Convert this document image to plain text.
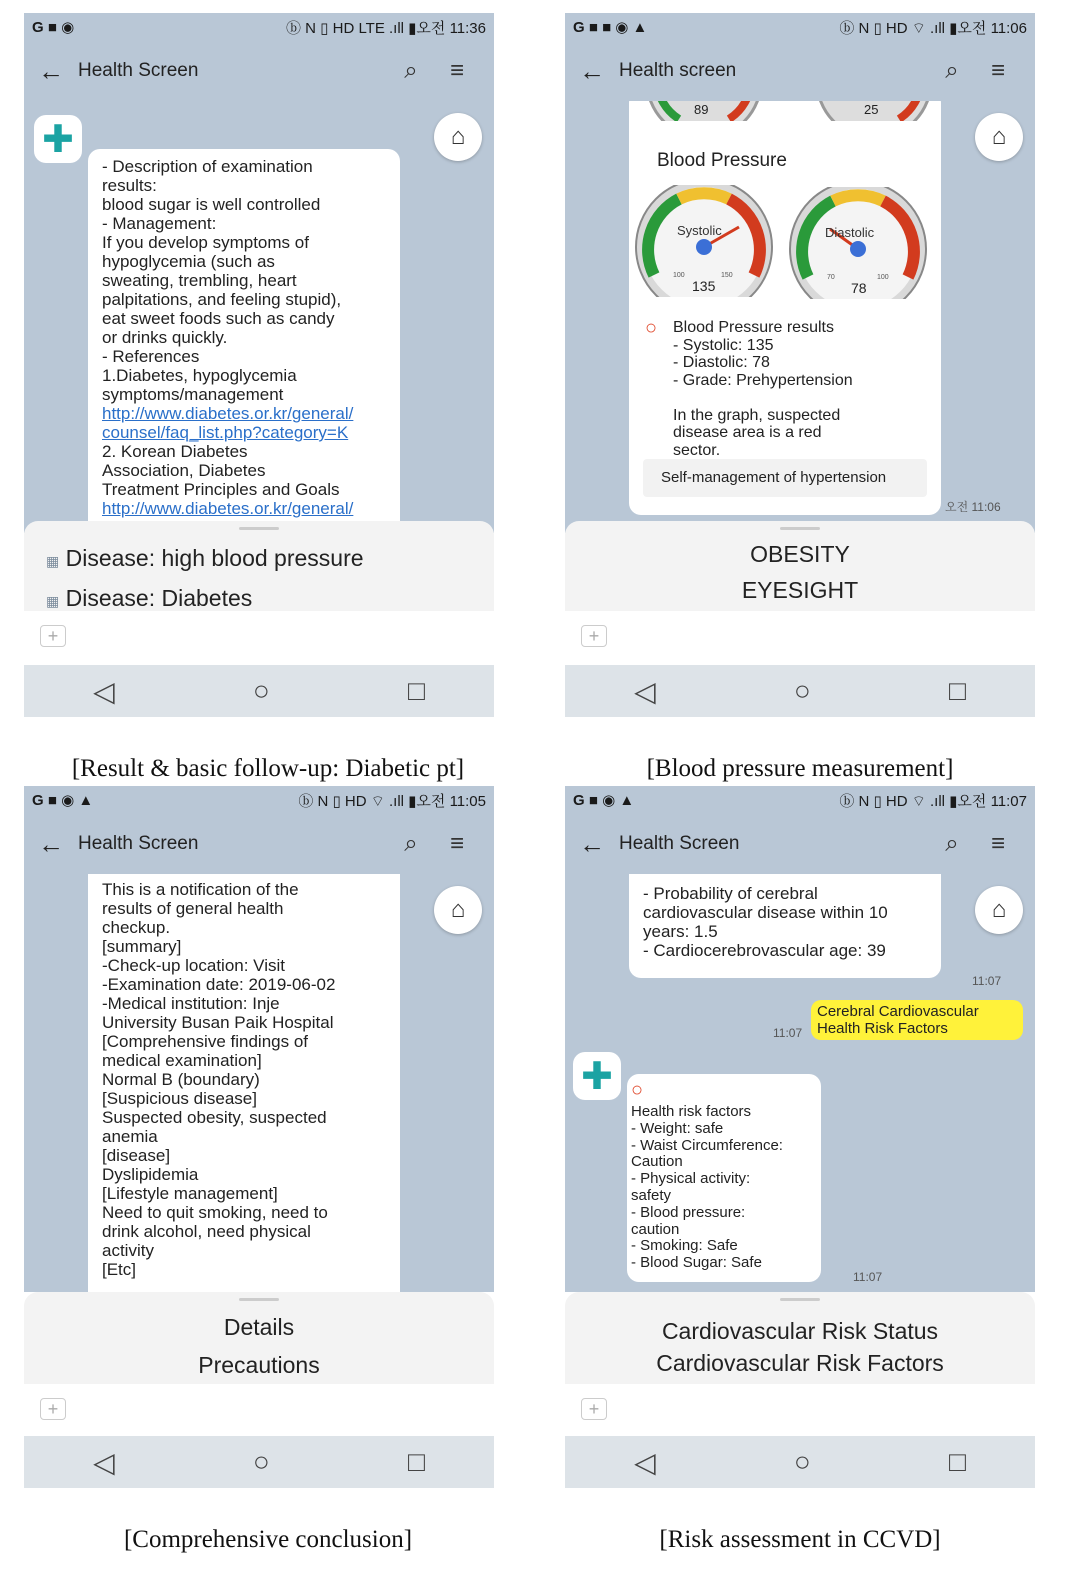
G ■ ◉	ⓑ N ▯ HD LTE .ıll ▮오전 11:36
← Health Screen	⌕	≡
✚	⌂
- Description of examination
results:
blood sugar is well controlled
- Management:
If you develop symptoms of
hypoglycemia (such as
sweating, trembling, heart
palpitations, and feeling stupid),
eat sweet foods such as candy
or drinks quickly.
- References
1.Diabetes, hypoglycemia
symptoms/management
http://www.diabetes.or.kr/general/
counsel/faq_list.php?category=K
2. Korean Diabetes
Association, Diabetes
Treatment Principles and Goals
http://www.diabetes.or.kr/general/
▦ Disease: high blood pressure
▦ Disease: Diabetes
+
◁	○	□
[Result & basic follow-up: Diabetic pt]
G ■ ■ ◉ ▲	ⓑ N ▯ HD ⌔ .ıll ▮오전 11:06
← Health screen	⌕	≡
⌂
89	25
Blood Pressure
Systolic
100	150
135
Diastolic
70	100
78
○ Blood Pressure results
- Systolic: 135
- Diastolic: 78
- Grade: Prehypertension

In the graph, suspected
disease area is a red
sector.
Self-management of hypertension
오전 11:06
OBESITY
EYESIGHT
+
◁	○	□
[Blood pressure measurement]
G ■ ◉ ▲	ⓑ N ▯ HD ⌔ .ıll ▮오전 11:05
← Health Screen	⌕	≡
⌂
This is a notification of the
results of general health
checkup.
[summary]
-Check-up location: Visit
-Examination date: 2019-06-02
-Medical institution: Inje
University Busan Paik Hospital
[Comprehensive findings of
medical examination]
Normal B (boundary)
[Suspicious disease]
Suspected obesity, suspected
anemia
[disease]
Dyslipidemia
[Lifestyle management]
Need to quit smoking, need to
drink alcohol, need physical
activity
[Etc]
Details
Precautions
+
◁	○	□
[Comprehensive conclusion]
G ■ ◉ ▲	ⓑ N ▯ HD ⌔ .ıll ▮오전 11:07
← Health Screen	⌕	≡
⌂
- Probability of cerebral
cardiovascular disease within 10
years: 1.5
- Cardiocerebrovascular age: 39
11:07
Cerebral Cardiovascular
Health Risk Factors
11:07
✚ ○
Health risk factors
- Weight: safe
- Waist Circumference:
Caution
- Physical activity:
safety
- Blood pressure:
caution
- Smoking: Safe
- Blood Sugar: Safe
11:07
Cardiovascular Risk Status
Cardiovascular Risk Factors
+
◁	○	□
[Risk assessment in CCVD]
